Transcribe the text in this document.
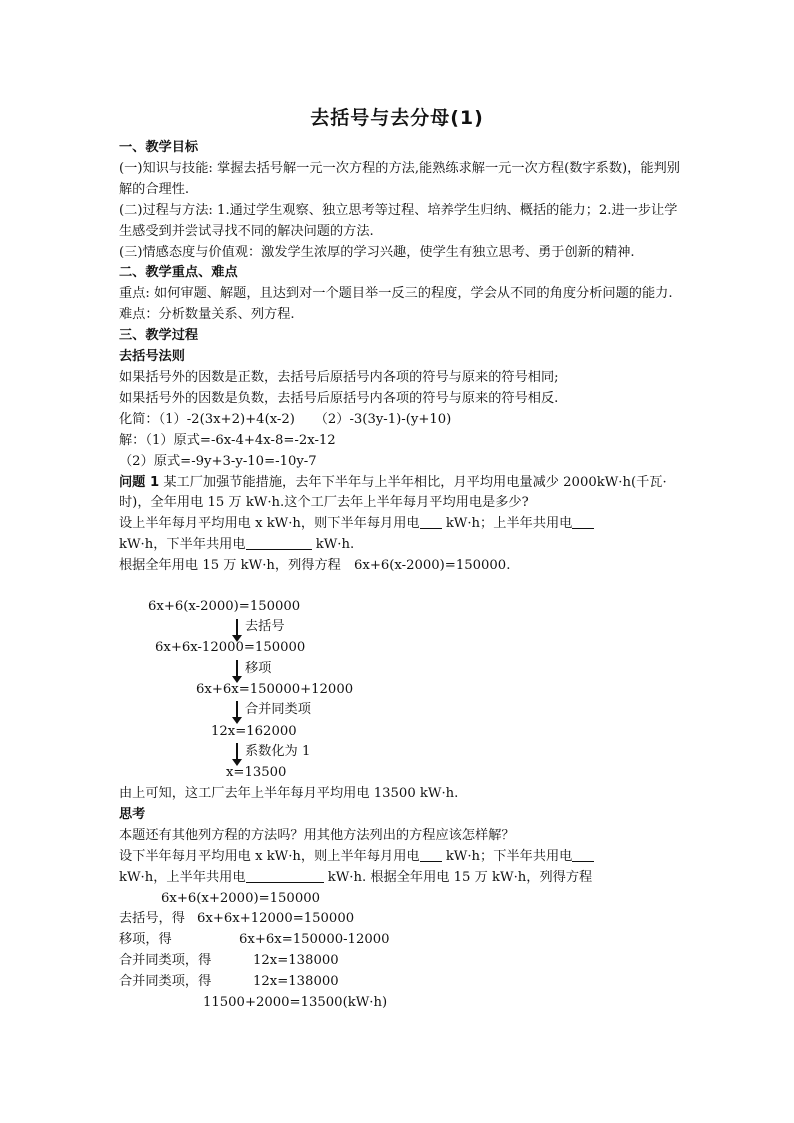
去括号与去分母(1)
一、教学目标
(一)知识与技能: 掌握去括号解一元一次方程的方法,能熟练求解一元一次方程(数字系数)，能判别解的合理性.
(二)过程与方法: 1.通过学生观察、独立思考等过程、培养学生归纳、概括的能力；2.进一步让学生感受到并尝试寻找不同的解决问题的方法.
(三)情感态度与价值观：激发学生浓厚的学习兴趣，使学生有独立思考、勇于创新的精神.
二、教学重点、难点
重点: 如何审题、解题，且达到对一个题目举一反三的程度，学会从不同的角度分析问题的能力.
难点：分析数量关系、列方程.
三、教学过程
去括号法则
如果括号外的因数是正数，去括号后原括号内各项的符号与原来的符号相同;
如果括号外的因数是负数，去括号后原括号内各项的符号与原来的符号相反.
化简：（1）-2(3x+2)+4(x-2)　　（2）-3(3y-1)-(y+10)
解：（1）原式=-6x-4+4x-8=-2x-12
（2）原式=-9y+3-y-10=-10y-7
问题 1 某工厂加强节能措施，去年下半年与上半年相比，月平均用电量减少 2000kW·h(千瓦·时)，全年用电 15 万 kW·h.这个工厂去年上半年每月平均用电是多少?
设上半年每月平均用电 x kW·h，则下半年每月用电 kW·h；上半年共用电
kW·h，下半年共用电	kW·h.
根据全年用电 15 万 kW·h，列得方程　6x+6(x-2000)=150000.
6x+6(x-2000)=150000
去括号
6x+6x-12000=150000
移项
6x+6x=150000+12000
合并同类项
12x=162000
系数化为 1
x=13500
由上可知，这工厂去年上半年每月平均用电 13500 kW·h.
思考
本题还有其他列方程的方法吗？用其他方法列出的方程应该怎样解？
设下半年每月平均用电 x kW·h，则上半年每月用电 kW·h；下半年共用电
kW·h，上半年共用电	kW·h. 根据全年用电 15 万 kW·h，列得方程
6x+6(x+2000)=150000
去括号，得 6x+6x+12000=150000
移项，得	6x+6x=150000-12000
合并同类项，得	12x=138000
合并同类项，得	12x=138000
11500+2000=13500(kW·h)
